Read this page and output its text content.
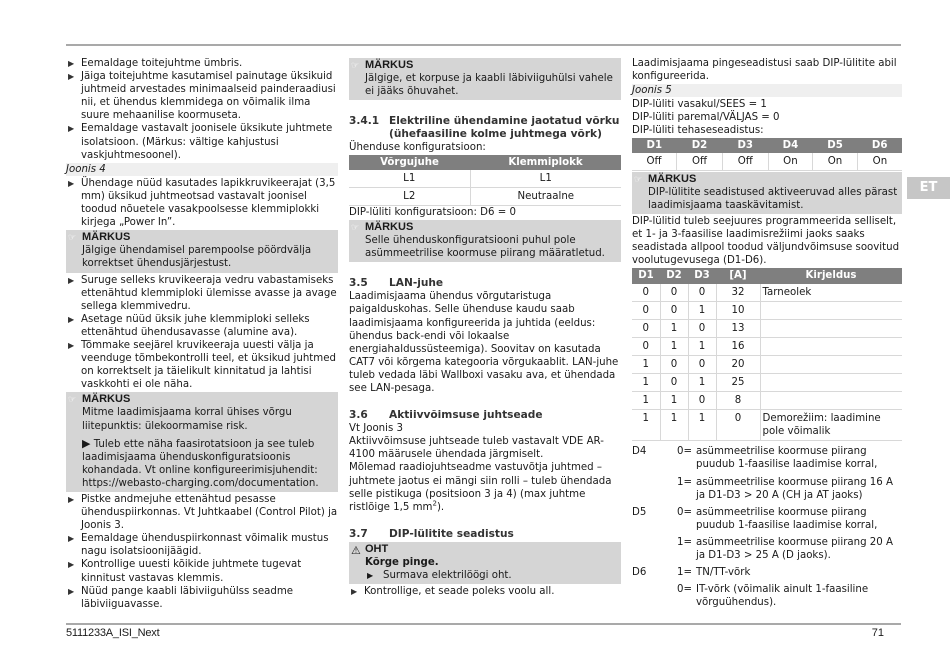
▶ Eemaldage toitejuhtme ümbris.
▶ Jäiga toitejuhtme kasutamisel painutage üksikuid juhtmeid arvestades minimaalseid painderaadiusi nii, et ühendus klemmidega on võimalik ilma suure mehaanilise koormuseta.
▶ Eemaldage vastavalt joonisele üksikute juhtmete isolatsioon. (Märkus: vältige kahjustusi vaskjuhtmesoonel).
Joonis 4
▶ Ühendage nüüd kasutades lapikkruvikeerajat (3,5 mm) üksikud juhtmeotsad vastavalt joonisel toodud nõuetele vasakpoolsesse klemmiplokki kirjega „Power In”.
☞ MÄRKUS

Jälgige ühendamisel parempoolse pöördvälja korrektset ühendusjärjestust.

▶ Suruge selleks kruvikeeraja vedru vabastamiseks ettenähtud klemmiploki ülemisse avasse ja avage sellega klemmivedru.
▶ Asetage nüüd üksik juhe klemmiploki selleks ettenähtud ühendusavasse (alumine ava).
▶ Tõmmake seejärel kruvikeeraja uuesti välja ja veenduge tõmbekontrolli teel, et üksikud juhtmed on korrektselt ja täielikult kinnitatud ja lahtisi vaskkohti ei ole näha.
☞ MÄRKUS

Mitme laadimisjaama korral ühises võrgu liitepunktis: ülekoormamise risk.

▶ Tuleb ette näha faasirotatsioon ja see tuleb laadimisjaama ühenduskonfiguratsioonis kohandada. Vt online konfigureerimisjuhendit: https://webasto-charging.com/documentation.

▶ Pistke andmejuhe ettenähtud pesasse ühenduspiirkonnas. Vt Juhtkaabel (Control Pilot) ja Joonis 3.
▶ Eemaldage ühenduspiirkonnast võimalik mustus nagu isolatsioonijäägid.
▶ Kontrollige uuesti kõikide juhtmete tugevat kinnitust vastavas klemmis.
▶ Nüüd pange kaabli läbiviiguhülss seadme läbiviiguavasse.
☞ MÄRKUS

Jälgige, et korpuse ja kaabli läbiviiguhülsi vahele ei jääks õhuvahet.

3.4.1 Elektriline ühendamine jaotatud võrku (ühefaasiline kolme juhtmega võrk)
Ühenduse konfiguratsioon:
Võrgujuhe	Klemmiplokk
L1	L1
L2	Neutraalne
DIP-lüliti konfiguratsioon: D6 = 0
☞ MÄRKUS

Selle ühenduskonfiguratsiooni puhul pole asümmeetrilise koormuse piirang määratletud.

3.5	LAN-juhe
Laadimisjaama ühendus võrgutaristuga paigalduskohas. Selle ühenduse kaudu saab laadimisjaama konfigureerida ja juhtida (eeldus: ühendus back-endi või lokaalse energiahaldussüsteemiga). Soovitav on kasutada CAT7 või kõrgema kategooria võrgukaablit. LAN-juhe tuleb vedada läbi Wallboxi vasaku ava, et ühendada see LAN-pesaga.
3.6	Aktiivvõimsuse juhtseade
Vt Joonis 3
Aktiivvõimsuse juhtseade tuleb vastavalt VDE AR-4100 määrusele ühendada järgmiselt.
Mõlemad raadiojuhtseadme vastuvõtja juhtmed – juhtmete jaotus ei mängi siin rolli – tuleb ühendada selle pistikuga (positsioon 3 ja 4) (max juhtme ristlõige 1,5 $mm^2$).
3.7	DIP-lülitite seadistus
⚠ OHT
Kõrge pinge.
▶ Surmava elektrilöögi oht.
▶ Kontrollige, et seade poleks voolu all.
Laadimisjaama pingeseadistusi saab DIP-lülitite abil konfigureerida.
Joonis 5
DIP-lüliti vasakul/SEES = 1
DIP-lüliti paremal/VÄLJAS = 0
DIP-lüliti tehaseseadistus:
D1	D2	D3	D4	D5	D6
Off	Off	Off	On	On	On
☞ MÄRKUS

DIP-lülitite seadistused aktiveeruvad alles pärast laadimisjaama taaskävitamist.

DIP-lülitid tuleb seejuures programmeerida selliselt, et 1- ja 3-faasilise laadimisrežiimi jaoks saaks seadistada allpool toodud väljundvõimsuse soovitud voolutugevusega (D1-D6).
D1	D2	D3	[A]	Kirjeldus
0	0	0	32	Tarneolek
0	0	1	10	
0	1	0	13	
0	1	1	16	
1	0	0	20	
1	0	1	25	
1	1	0	8	
1	1	1	0	Demorežiim: laadimine pole võimalik
D4	0= asümmeetrilise koormuse piirang puudub 1-faasilise laadimise korral,
1= asümmeetrilise koormuse piirang 16 A ja D1-D3 > 20 A (CH ja AT jaoks)
D5	0= asümmeetrilise koormuse piirang puudub 1-faasilise laadimise korral,
1= asümmeetrilise koormuse piirang 20 A ja D1-D3 > 25 A (D jaoks).
D6	1= TN/TT-võrk
0= IT-võrk (võimalik ainult 1-faasiline võrguühendus).
ET
5111233A_ISI_Next	71
